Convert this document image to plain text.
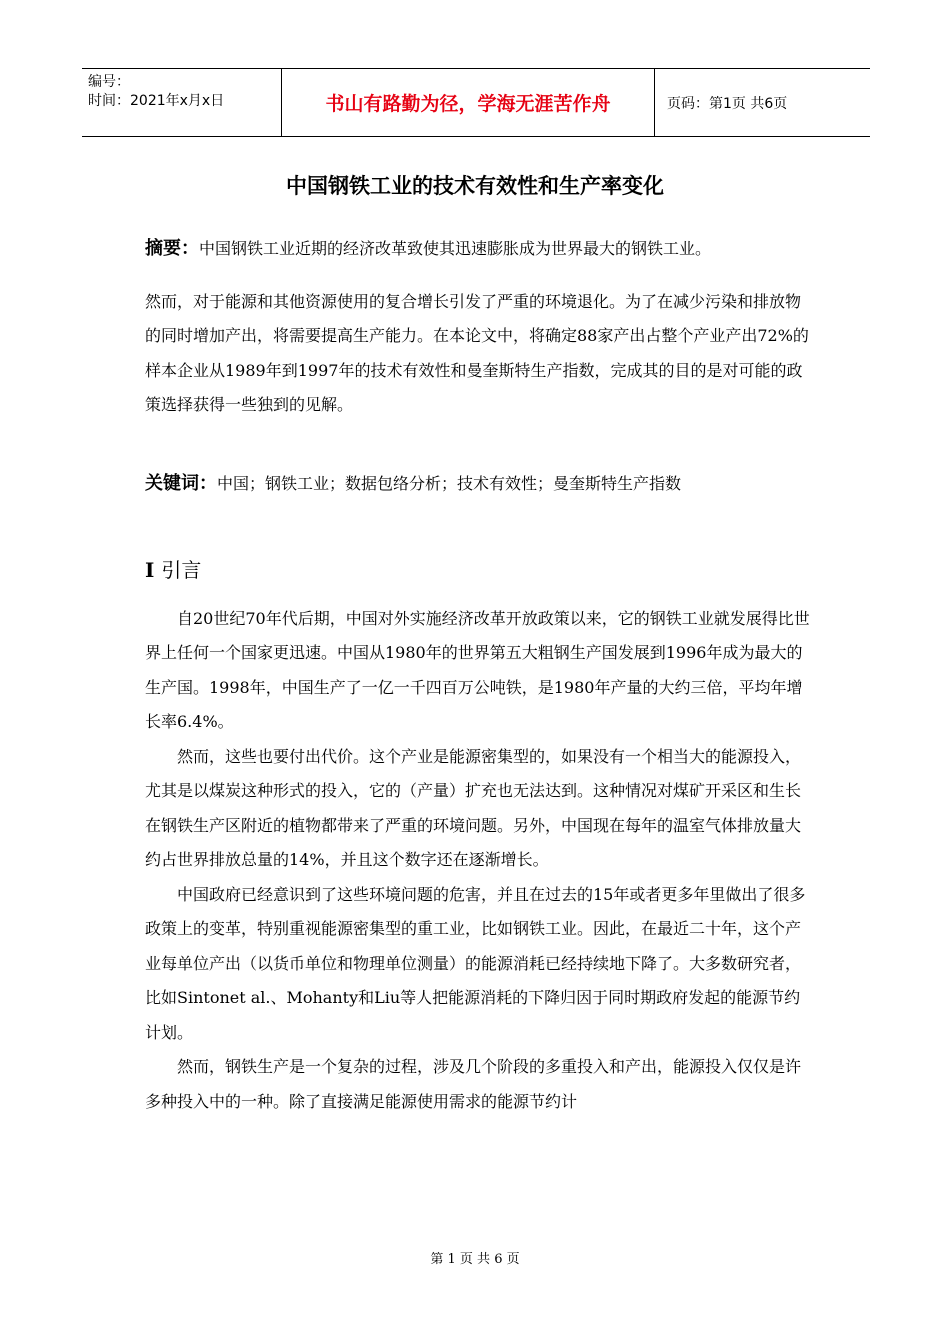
编号：
时间：2021年x月x日	书山有路勤为径，学海无涯苦作舟	页码：第1页 共6页
中国钢铁工业的技术有效性和生产率变化

摘要：中国钢铁工业近期的经济改革致使其迅速膨胀成为世界最大的钢铁工业。

然而，对于能源和其他资源使用的复合增长引发了严重的环境退化。为了在减少污染和排放物的同时增加产出，将需要提高生产能力。在本论文中，将确定88家产出占整个产业产出72%的样本企业从1989年到1997年的技术有效性和曼奎斯特生产指数，完成其的目的是对可能的政策选择获得一些独到的见解。

关键词：中国；钢铁工业；数据包络分析；技术有效性；曼奎斯特生产指数

I 引言

自20世纪70年代后期，中国对外实施经济改革开放政策以来，它的钢铁工业就发展得比世界上任何一个国家更迅速。中国从1980年的世界第五大粗钢生产国发展到1996年成为最大的生产国。1998年，中国生产了一亿一千四百万公吨铁，是1980年产量的大约三倍，平均年增长率6.4%。

然而，这些也要付出代价。这个产业是能源密集型的，如果没有一个相当大的能源投入，尤其是以煤炭这种形式的投入，它的（产量）扩充也无法达到。这种情况对煤矿开采区和生长在钢铁生产区附近的植物都带来了严重的环境问题。另外，中国现在每年的温室气体排放量大约占世界排放总量的14%，并且这个数字还在逐渐增长。

中国政府已经意识到了这些环境问题的危害，并且在过去的15年或者更多年里做出了很多政策上的变革，特别重视能源密集型的重工业，比如钢铁工业。因此，在最近二十年，这个产业每单位产出（以货币单位和物理单位测量）的能源消耗已经持续地下降了。大多数研究者，比如Sintonet al.、Mohanty和Liu等人把能源消耗的下降归因于同时期政府发起的能源节约计划。

然而，钢铁生产是一个复杂的过程，涉及几个阶段的多重投入和产出，能源投入仅仅是许多种投入中的一种。除了直接满足能源使用需求的能源节约计

第 1 页 共 6 页
